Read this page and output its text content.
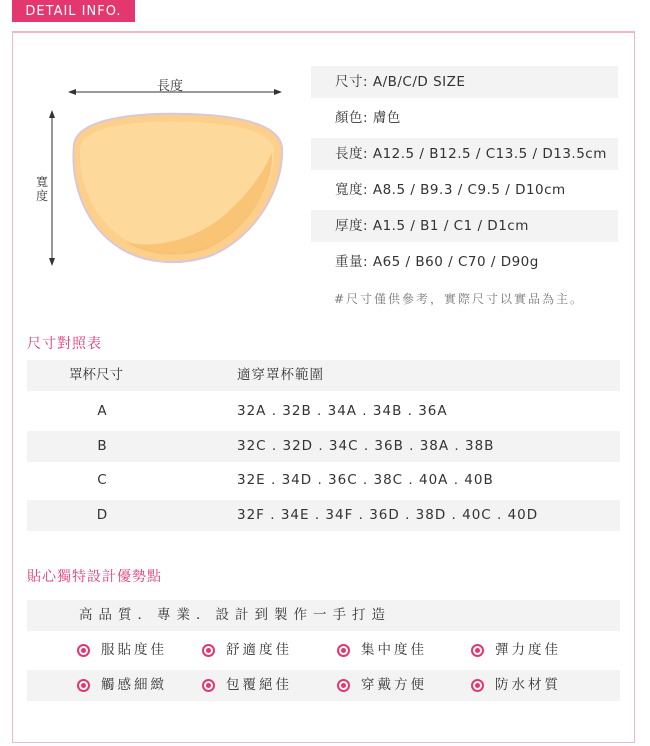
DETAIL INFO.
長度
寬度
尺寸: A/B/C/D SIZE
顏色: 膚色
長度: A12.5 / B12.5 / C13.5 / D13.5cm
寬度: A8.5 / B9.3 / C9.5 / D10cm
厚度: A1.5 / B1 / C1 / D1cm
重量: A65 / B60 / C70 / D90g
#尺寸僅供參考，實際尺寸以實品為主。
尺寸對照表
罩杯尺寸	適穿罩杯範圍
A	32A . 32B . 34A . 34B . 36A
B	32C . 32D . 34C . 36B . 38A . 38B
C	32E . 34D . 36C . 38C . 40A . 40B
D	32F . 34E . 34F . 36D . 38D . 40C . 40D
貼心獨特設計優勢點
高品質．專業．設計到製作一手打造
服貼度佳	舒適度佳	集中度佳	彈力度佳
觸感細緻	包覆絕佳	穿戴方便	防水材質
